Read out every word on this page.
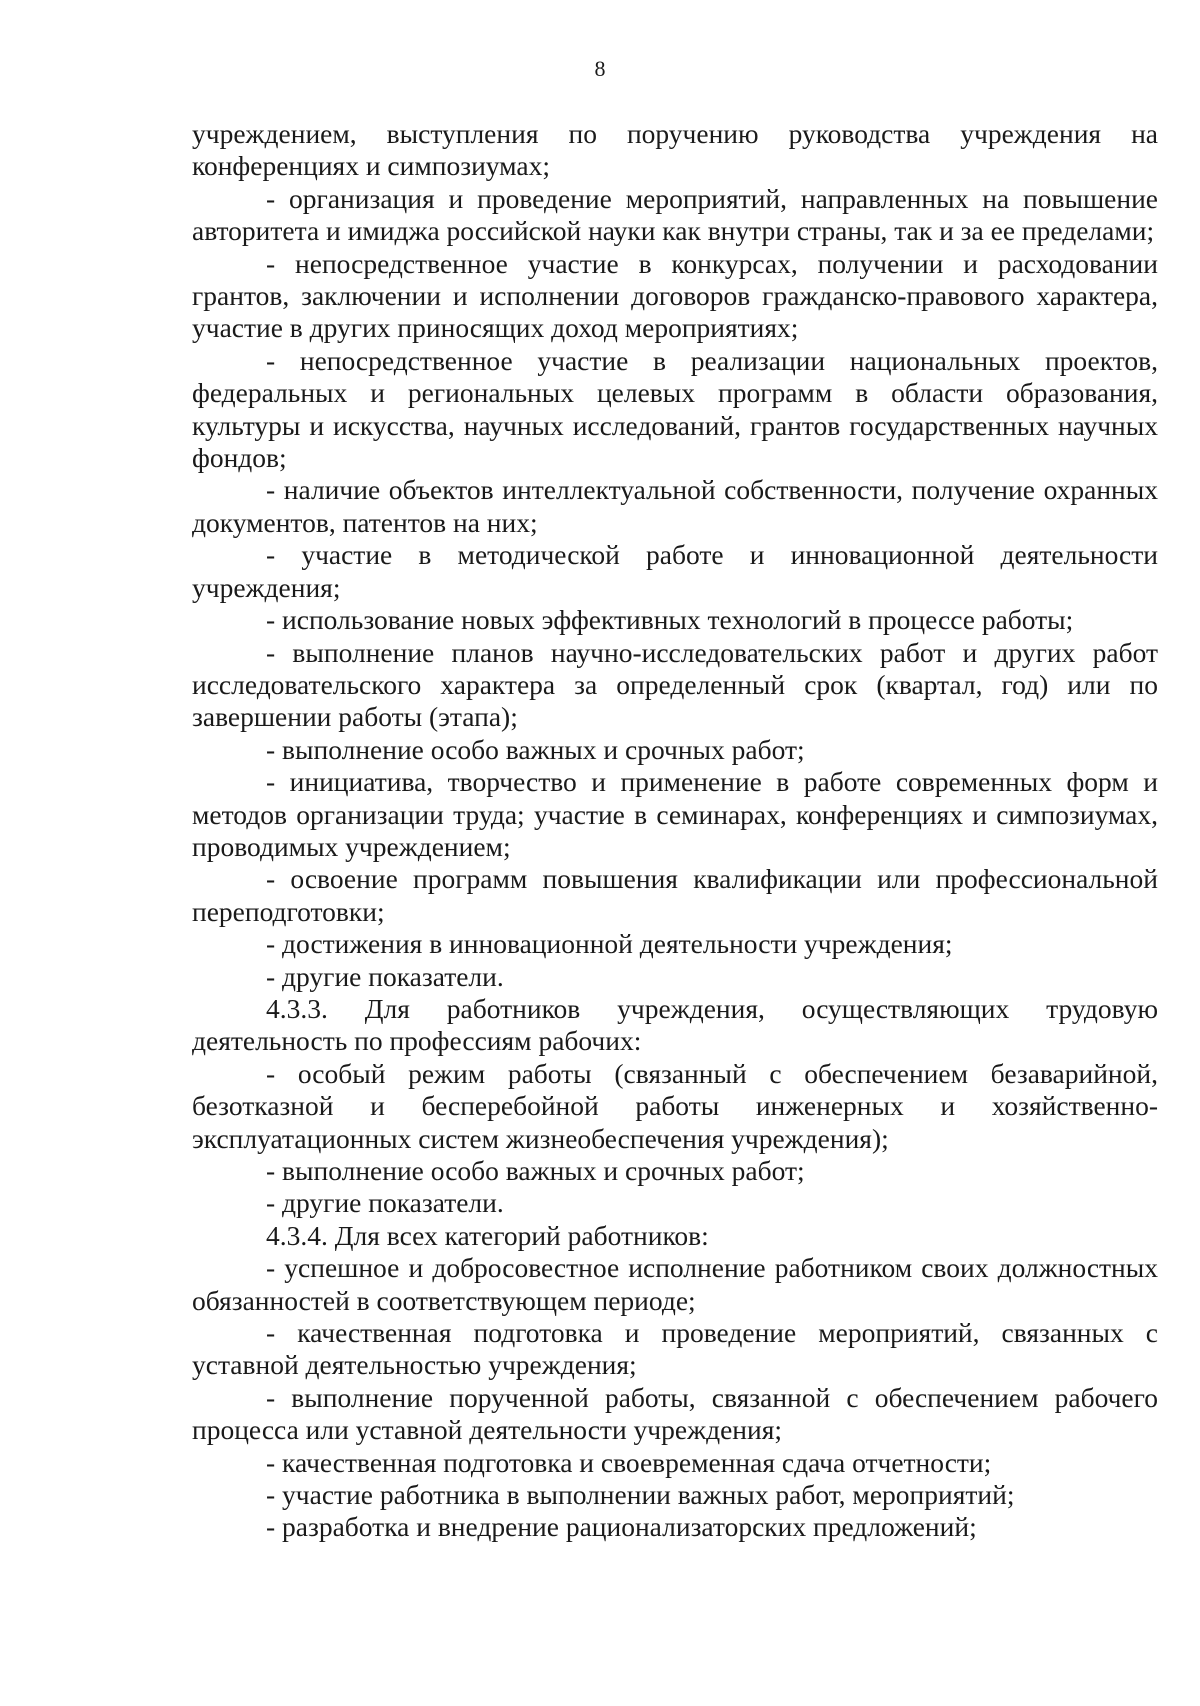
8

учреждением, выступления по поручению руководства учреждения на конференциях и симпозиумах;

- организация и проведение мероприятий, направленных на повышение авторитета и имиджа российской науки как внутри страны, так и за ее пределами;

- непосредственное участие в конкурсах, получении и расходовании грантов, заключении и исполнении договоров гражданско-правового характера, участие в других приносящих доход мероприятиях;

- непосредственное участие в реализации национальных проектов, федеральных и региональных целевых программ в области образования, культуры и искусства, научных исследований, грантов государственных научных фондов;

- наличие объектов интеллектуальной собственности, получение охранных документов, патентов на них;

- участие в методической работе и инновационной деятельности учреждения;

- использование новых эффективных технологий в процессе работы;

- выполнение планов научно-исследовательских работ и других работ исследовательского характера за определенный срок (квартал, год) или по завершении работы (этапа);

- выполнение особо важных и срочных работ;

- инициатива, творчество и применение в работе современных форм и методов организации труда; участие в семинарах, конференциях и симпозиумах, проводимых учреждением;

- освоение программ повышения квалификации или профессиональной переподготовки;

- достижения в инновационной деятельности учреждения;

- другие показатели.

4.3.3. Для работников учреждения, осуществляющих трудовую деятельность по профессиям рабочих:

- особый режим работы (связанный с обеспечением безаварийной, безотказной и бесперебойной работы инженерных и хозяйственно-эксплуатационных систем жизнеобеспечения учреждения);

- выполнение особо важных и срочных работ;

- другие показатели.

4.3.4. Для всех категорий работников:

- успешное и добросовестное исполнение работником своих должностных обязанностей в соответствующем периоде;

- качественная подготовка и проведение мероприятий, связанных с уставной деятельностью учреждения;

- выполнение порученной работы, связанной с обеспечением рабочего процесса или уставной деятельности учреждения;

- качественная подготовка и своевременная сдача отчетности;

- участие работника в выполнении важных работ, мероприятий;

- разработка и внедрение рационализаторских предложений;
